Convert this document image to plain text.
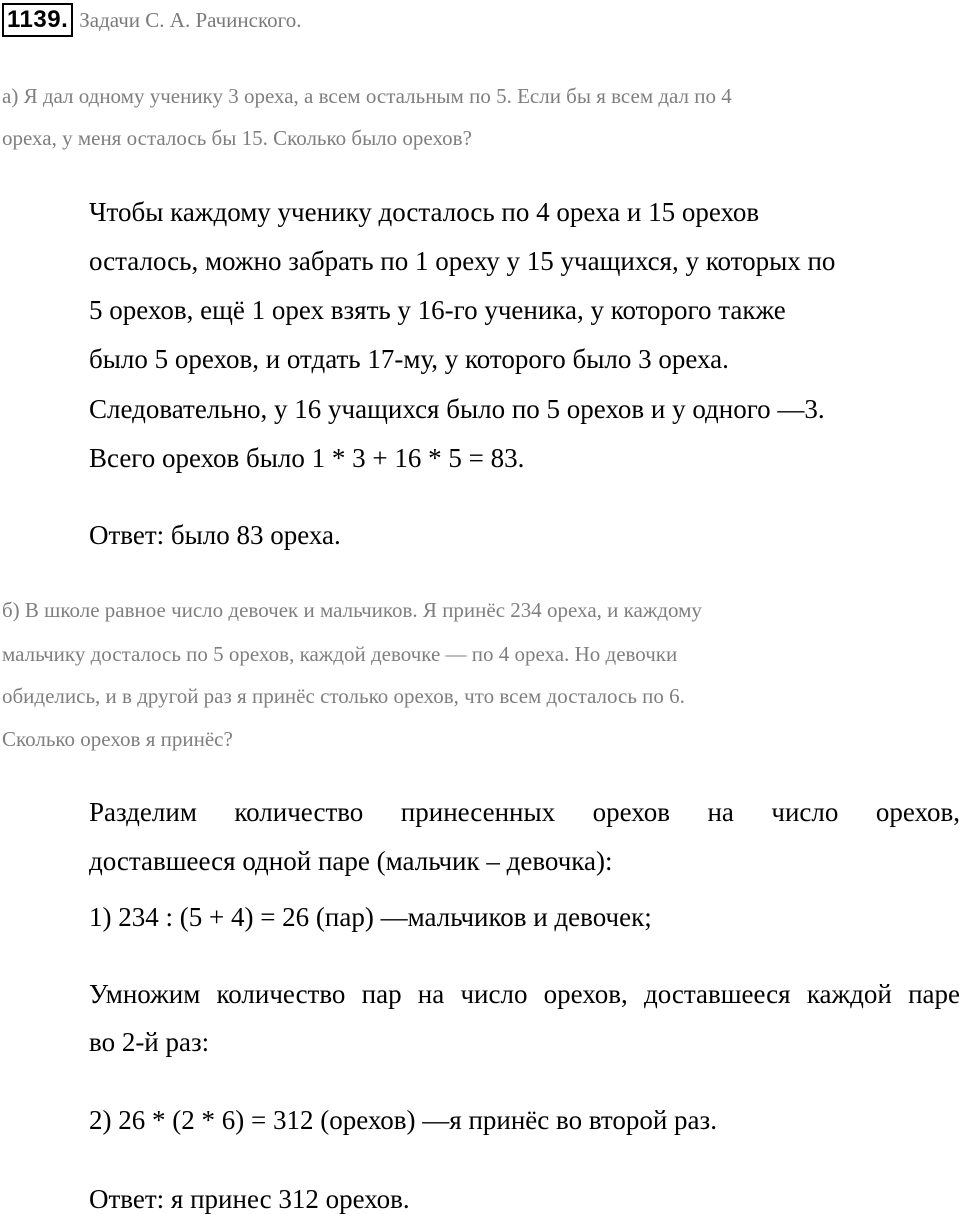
1139. Задачи С. А. Рачинского.
а) Я дал одному ученику 3 ореха, а всем остальным по 5. Если бы я всем дал по 4
ореха, у меня осталось бы 15. Сколько было орехов?
Чтобы каждому ученику досталось по 4 ореха и 15 орехов
осталось, можно забрать по 1 ореху у 15 учащихся, у которых по
5 орехов, ещё 1 орех взять у 16-го ученика, у которого также
было 5 орехов, и отдать 17-му, у которого было 3 ореха.
Следовательно, у 16 учащихся было по 5 орехов и у одного —3.
Всего орехов было 1 * 3 + 16 * 5 = 83.
Ответ: было 83 ореха.
б) В школе равное число девочек и мальчиков. Я принёс 234 ореха, и каждому
мальчику досталось по 5 орехов, каждой девочке — по 4 ореха. Но девочки
обиделись, и в другой раз я принёс столько орехов, что всем досталось по 6.
Сколько орехов я принёс?
Разделим количество принесенных орехов на число орехов,
доставшееся одной паре (мальчик – девочка):
1) 234 : (5 + 4) = 26 (пар) —мальчиков и девочек;
Умножим количество пар на число орехов, доставшееся каждой паре
во 2-й раз:
2) 26 * (2 * 6) = 312 (орехов) —я принёс во второй раз.
Ответ: я принес 312 орехов.
